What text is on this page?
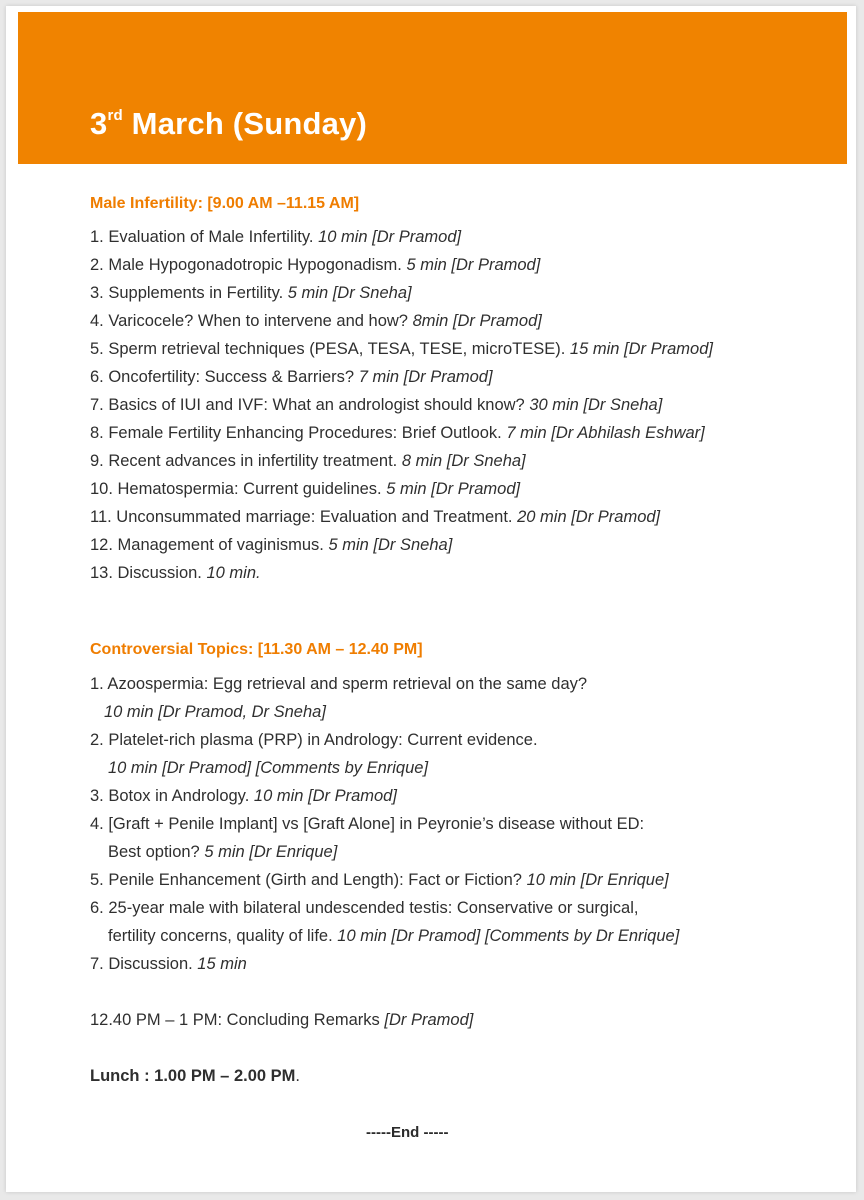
3rd March (Sunday)
Male Infertility: [9.00 AM –11.15 AM]
1. Evaluation of Male Infertility. 10 min [Dr Pramod]
2. Male Hypogonadotropic Hypogonadism. 5 min [Dr Pramod]
3. Supplements in Fertility. 5 min [Dr Sneha]
4. Varicocele? When to intervene and how? 8min [Dr Pramod]
5. Sperm retrieval techniques (PESA, TESA, TESE, microTESE). 15 min [Dr Pramod]
6. Oncofertility: Success & Barriers? 7 min [Dr Pramod]
7. Basics of IUI and IVF: What an andrologist should know? 30 min [Dr Sneha]
8. Female Fertility Enhancing Procedures: Brief Outlook. 7 min [Dr Abhilash Eshwar]
9. Recent advances in infertility treatment. 8 min [Dr Sneha]
10. Hematospermia: Current guidelines. 5 min [Dr Pramod]
11. Unconsummated marriage: Evaluation and Treatment. 20 min [Dr Pramod]
12. Management of vaginismus. 5 min [Dr Sneha]
13. Discussion. 10 min.
Controversial Topics: [11.30 AM – 12.40 PM]
1. Azoospermia: Egg retrieval and sperm retrieval on the same day?
10 min [Dr Pramod, Dr Sneha]
2. Platelet-rich plasma (PRP) in Andrology: Current evidence.
10 min [Dr Pramod] [Comments by Enrique]
3. Botox in Andrology. 10 min [Dr Pramod]
4. [Graft + Penile Implant] vs [Graft Alone] in Peyronie’s disease without ED:
Best option? 5 min [Dr Enrique]
5. Penile Enhancement (Girth and Length): Fact or Fiction? 10 min [Dr Enrique]
6. 25-year male with bilateral undescended testis: Conservative or surgical,
fertility concerns, quality of life. 10 min [Dr Pramod] [Comments by Dr Enrique]
7. Discussion. 15 min
12.40 PM – 1 PM: Concluding Remarks [Dr Pramod]
Lunch : 1.00 PM – 2.00 PM.
-----End -----
